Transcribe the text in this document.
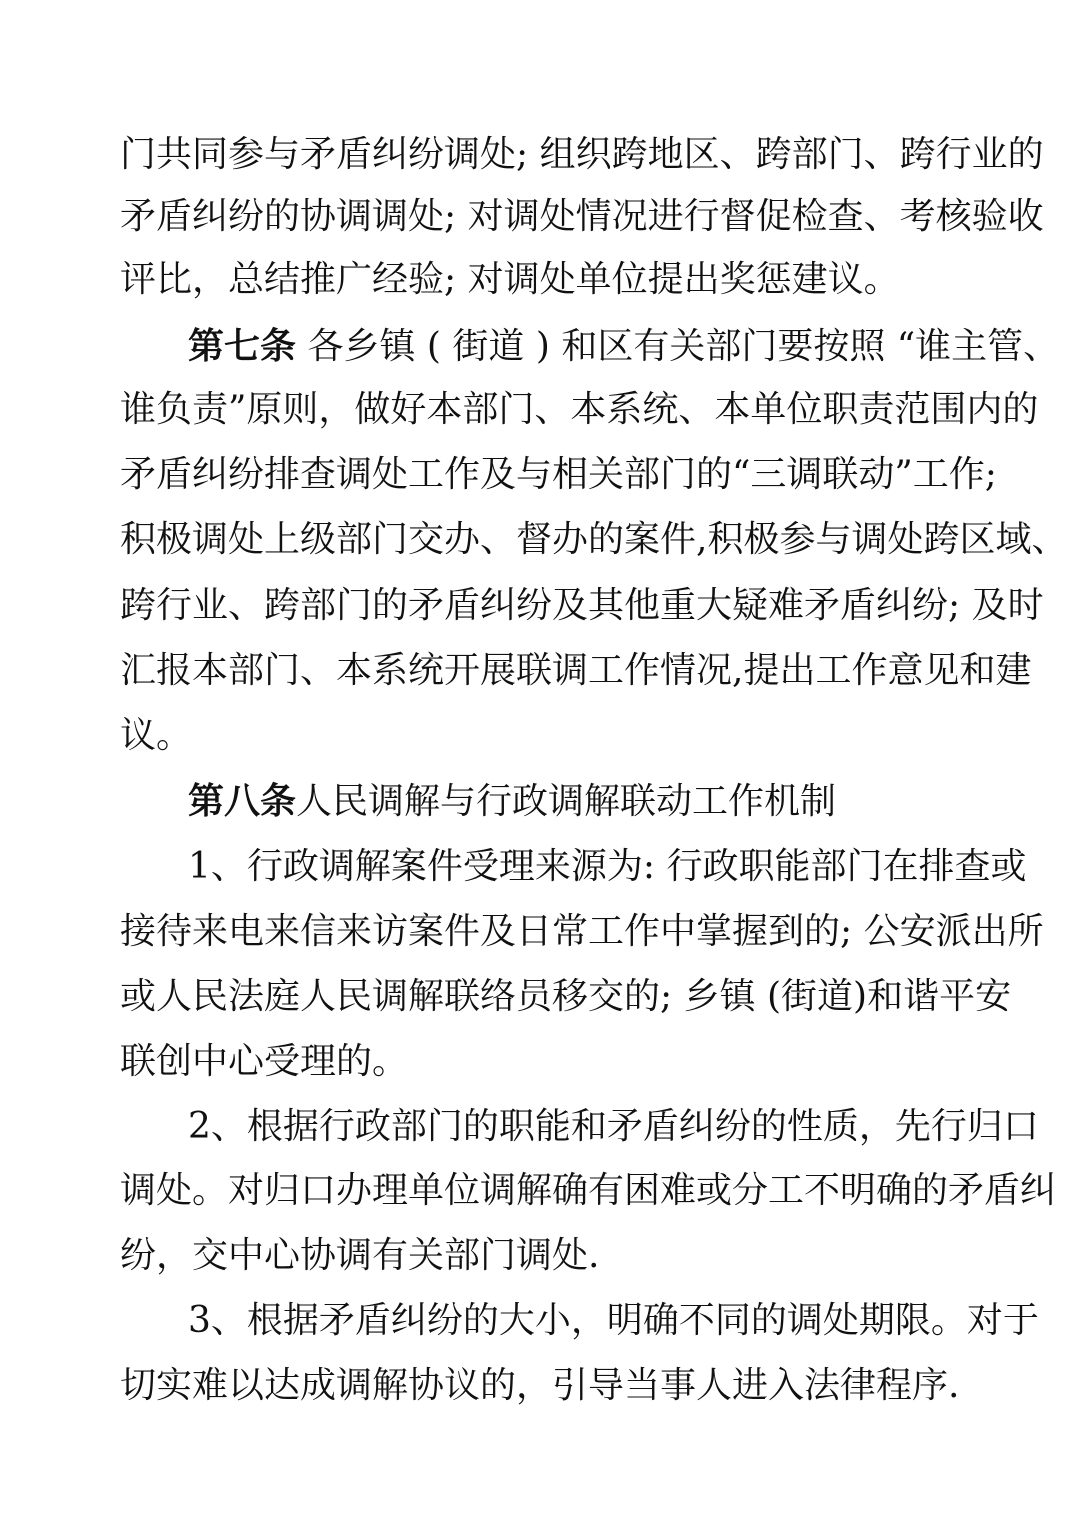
门共同参与矛盾纠纷调处; 组织跨地区、跨部门、跨行业的
矛盾纠纷的协调调处; 对调处情况进行督促检查、考核验收
评比，总结推广经验; 对调处单位提出奖惩建议。
第七条 各乡镇 ( 街道 ) 和区有关部门要按照 “谁主管、
谁负责”原则，做好本部门、本系统、本单位职责范围内的
矛盾纠纷排查调处工作及与相关部门的“三调联动”工作;
积极调处上级部门交办、督办的案件,积极参与调处跨区域、
跨行业、跨部门的矛盾纠纷及其他重大疑难矛盾纠纷; 及时
汇报本部门、本系统开展联调工作情况,提出工作意见和建
议。
第八条人民调解与行政调解联动工作机制
1、行政调解案件受理来源为: 行政职能部门在排查或
接待来电来信来访案件及日常工作中掌握到的; 公安派出所
或人民法庭人民调解联络员移交的; 乡镇 (街道)和谐平安
联创中心受理的。
2、根据行政部门的职能和矛盾纠纷的性质，先行归口
调处。对归口办理单位调解确有困难或分工不明确的矛盾纠
纷，交中心协调有关部门调处.
3、根据矛盾纠纷的大小，明确不同的调处期限。对于
切实难以达成调解协议的，引导当事人进入法律程序.
